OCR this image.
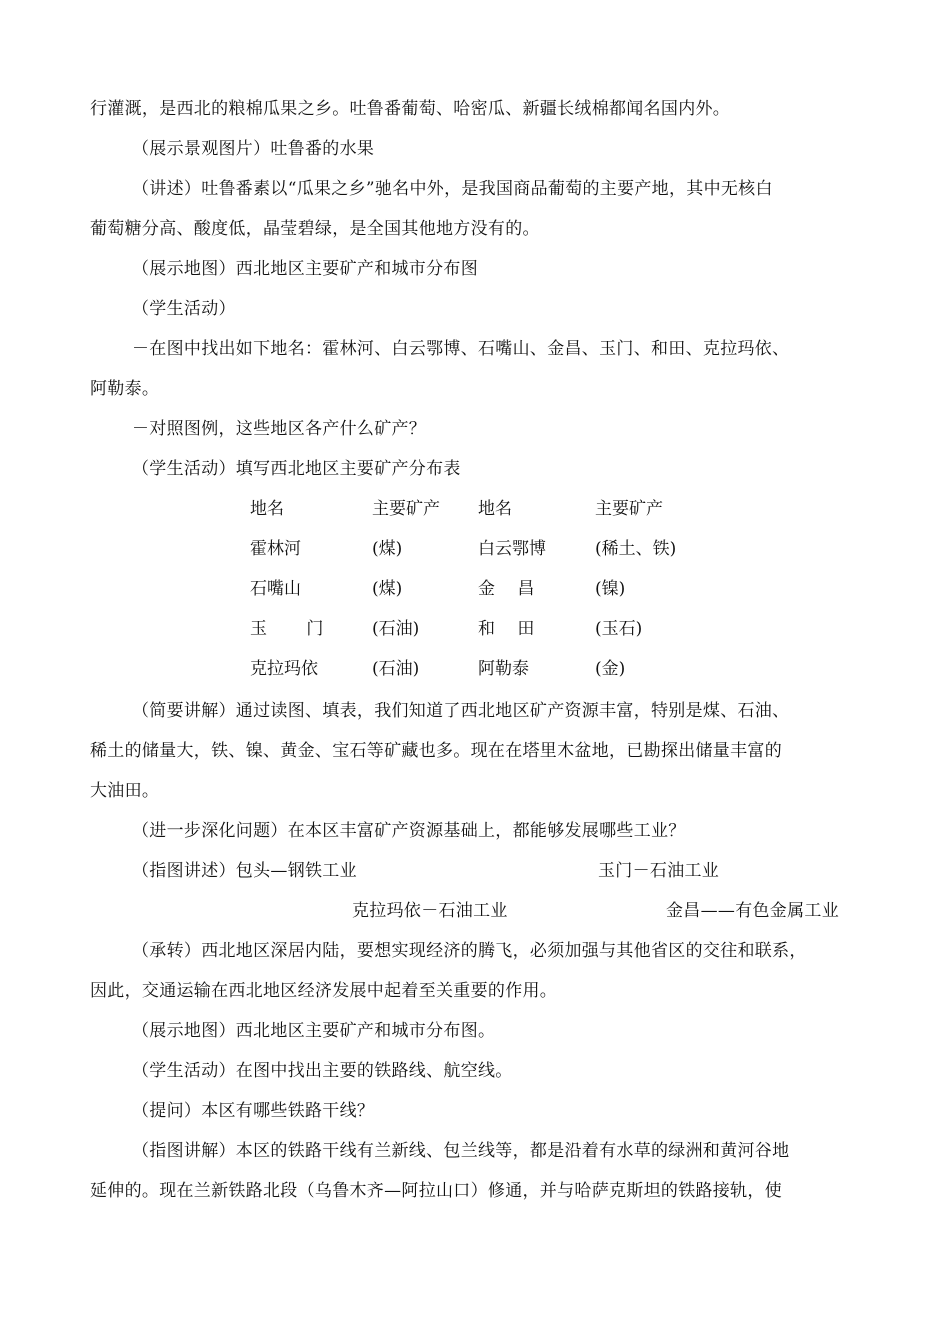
行灌溉，是西北的粮棉瓜果之乡。吐鲁番葡萄、哈密瓜、新疆长绒棉都闻名国内外。
（展示景观图片）吐鲁番的水果
（讲述）吐鲁番素以“瓜果之乡”驰名中外，是我国商品葡萄的主要产地，其中无核白
葡萄糖分高、酸度低，晶莹碧绿，是全国其他地方没有的。
（展示地图）西北地区主要矿产和城市分布图
（学生活动）
－在图中找出如下地名：霍林河、白云鄂博、石嘴山、金昌、玉门、和田、克拉玛依、
阿勒泰。
－对照图例，这些地区各产什么矿产？
（学生活动）填写西北地区主要矿产分布表
地名	主要矿产 地名	主要矿产
霍林河	(煤)	白云鄂博	(稀土、铁)
石嘴山	(煤)	金　 昌	(镍)
玉　　 门	(石油)	和　 田	(玉石)
克拉玛依	(石油)	阿勒泰	(金)
（简要讲解）通过读图、填表，我们知道了西北地区矿产资源丰富，特别是煤、石油、
稀土的储量大，铁、镍、黄金、宝石等矿藏也多。现在在塔里木盆地，已勘探出储量丰富的
大油田。
（进一步深化问题）在本区丰富矿产资源基础上，都能够发展哪些工业？
（指图讲述）包头—钢铁工业	玉门－石油工业
克拉玛依－石油工业	金昌——有色金属工业
（承转）西北地区深居内陆，要想实现经济的腾飞，必须加强与其他省区的交往和联系，
因此，交通运输在西北地区经济发展中起着至关重要的作用。
（展示地图）西北地区主要矿产和城市分布图。
（学生活动）在图中找出主要的铁路线、航空线。
（提问）本区有哪些铁路干线？
（指图讲解）本区的铁路干线有兰新线、包兰线等，都是沿着有水草的绿洲和黄河谷地
延伸的。现在兰新铁路北段（乌鲁木齐—阿拉山口）修通，并与哈萨克斯坦的铁路接轨，使
